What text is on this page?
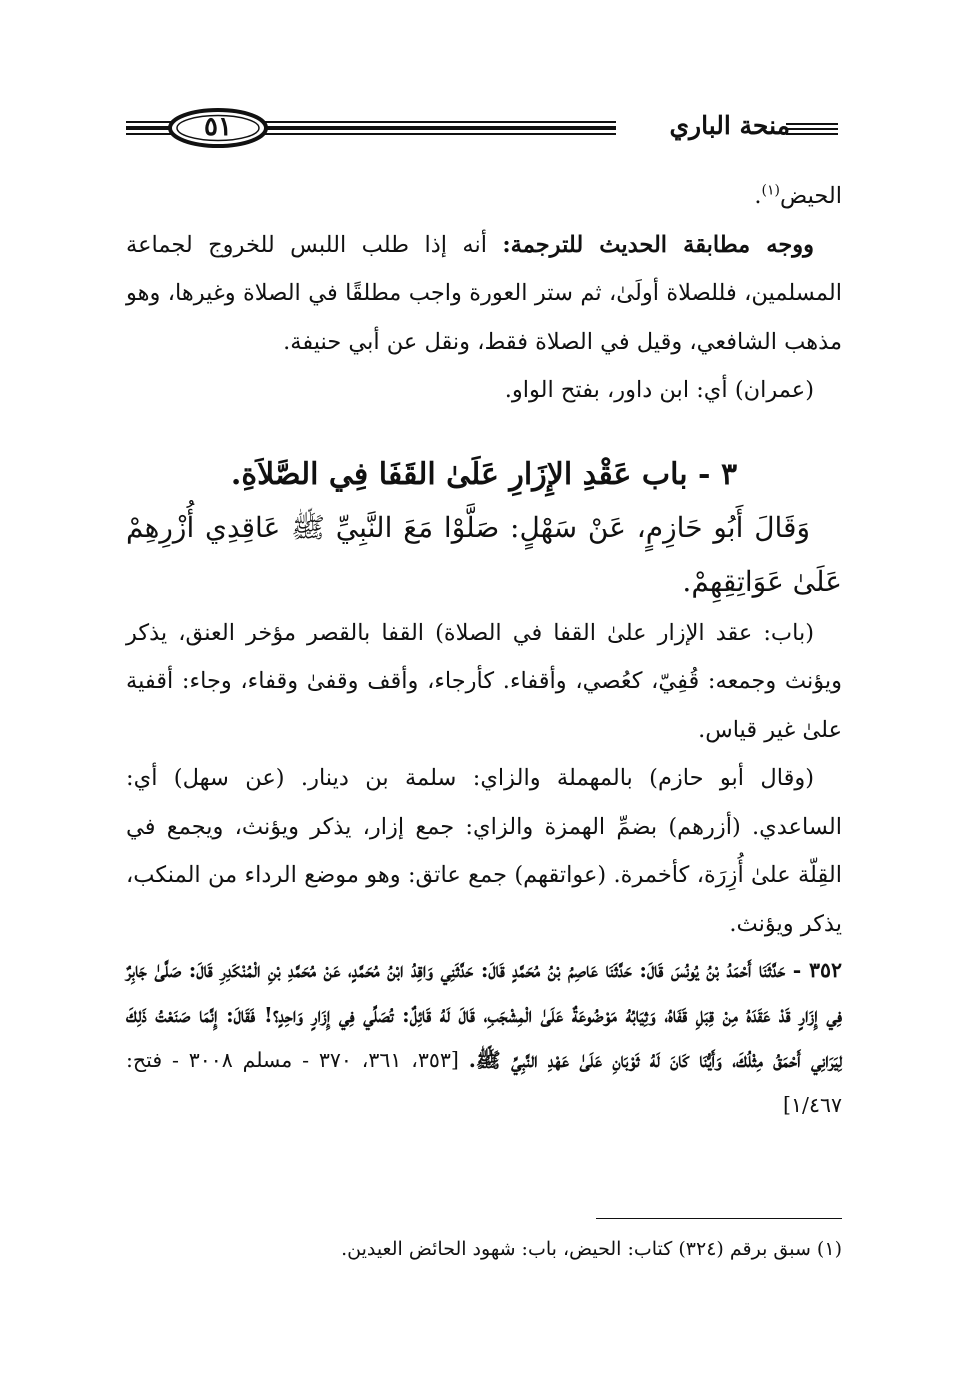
٥١	منحة الباري

الحيض$^{(١)}$.

ووجه مطابقة الحديث للترجمة: أنه إذا طلب اللبس للخروج لجماعة المسلمين، فللصلاة أولَىٰ، ثم ستر العورة واجب مطلقًا في الصلاة وغيرها، وهو مذهب الشافعي، وقيل في الصلاة فقط، ونقل عن أبي حنيفة.

(عمران) أي: ابن داور، بفتح الواو.

٣ - باب عَقْدِ الإِزَارِ عَلَىٰ القَفَا فِي الصَّلاَةِ.

وَقَالَ أَبُو حَازِمٍ، عَنْ سَهْلٍ: صَلَّوْا مَعَ النَّبِيِّ ﷺ عَاقِدِي أُزْرِهِمْ عَلَىٰ عَوَاتِقِهِمْ.

(باب: عقد الإزار علىٰ القفا في الصلاة) القفا بالقصر مؤخر العنق، يذكر ويؤنث وجمعه: قُفِيّ، كعُصي، وأقفاء. كأرجاء، وأقف وقفىٰ وقفاء، وجاء: أقفية علىٰ غير قياس.

(وقال أبو حازم) بالمهملة والزاي: سلمة بن دينار. (عن سهل) أي: الساعدي. (أزرهم) بضمِّ الهمزة والزاي: جمع إزار، يذكر ويؤنث، ويجمع في القِلّة علىٰ أُزِرَة، كأخمرة. (عواتقهم) جمع عاتق: وهو موضع الرداء من المنكب، يذكر ويؤنث.

٣٥٢ - حَدَّثَنَا أَحْمَدُ بْنُ يُونُسَ قَالَ: حَدَّثَنَا عَاصِمُ بْنُ مُحَمَّدٍ قَالَ: حَدَّثَنِي وَاقِدُ ابْنُ مُحَمَّدٍ، عَنْ مُحَمَّدِ بْنِ الْمُنْكَدِرِ قَالَ: صَلَّىٰ جَابِرٌ فِي إِزَارٍ قَدْ عَقَدَهُ مِنْ قِبَلِ قَفَاهُ، وَثِيَابُهُ مَوْضُوعَةٌ عَلَىٰ الْمِشْجَبِ، قَالَ لَهُ قَائِلٌ: تُصَلِّي فِي إِزَارٍ وَاحِدٍ؟! فَقَالَ: إِنَّمَا صَنَعْتُ ذَلِكَ لِيَرَانِي أَحْمَقُ مِثْلُكَ، وَأَيُّنَا كَانَ لَهُ ثَوْبَانِ عَلَىٰ عَهْدِ النَّبِيِّ ﷺ. [٣٥٣، ٣٦١، ٣٧٠ - مسلم ٣٠٠٨ - فتح: ١/٤٦٧]

(١) سبق برقم (٣٢٤) كتاب: الحيض، باب: شهود الحائض العيدين.
